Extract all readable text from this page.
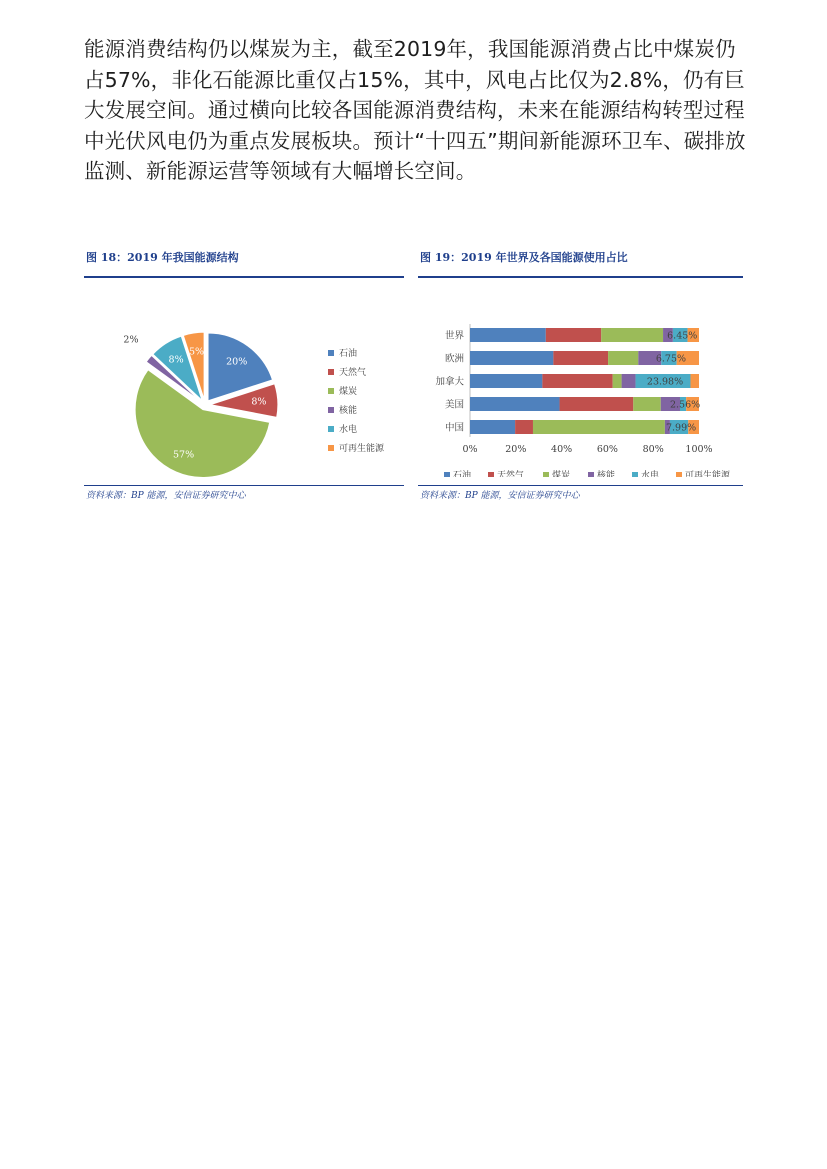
能源消费结构仍以煤炭为主，截至2019年，我国能源消费占比中煤炭仍占57%，非化石能源比重仅占15%，其中，风电占比仅为2.8%，仍有巨大发展空间。通过横向比较各国能源消费结构，未来在能源结构转型过程中光伏风电仍为重点发展板块。预计“十四五”期间新能源环卫车、碳排放监测、新能源运营等领域有大幅增长空间。

图 18：2019 年我国能源结构
20%
8%
57%
2%
8%
5%	石油
天然气
煤炭
核能
水电
可再生能源
资料来源：BP 能源，安信证券研究中心
图 19：2019 年世界及各国能源使用占比
世界	6.45%
欧洲	6.75%
加拿大	23.98%
美国	2.56%
中国	7.99%
0%	20%	40%	60%	80% 100%
石油	天然气	煤炭	核能	水电	可再生能源
资料来源：BP 能源，安信证券研究中心
